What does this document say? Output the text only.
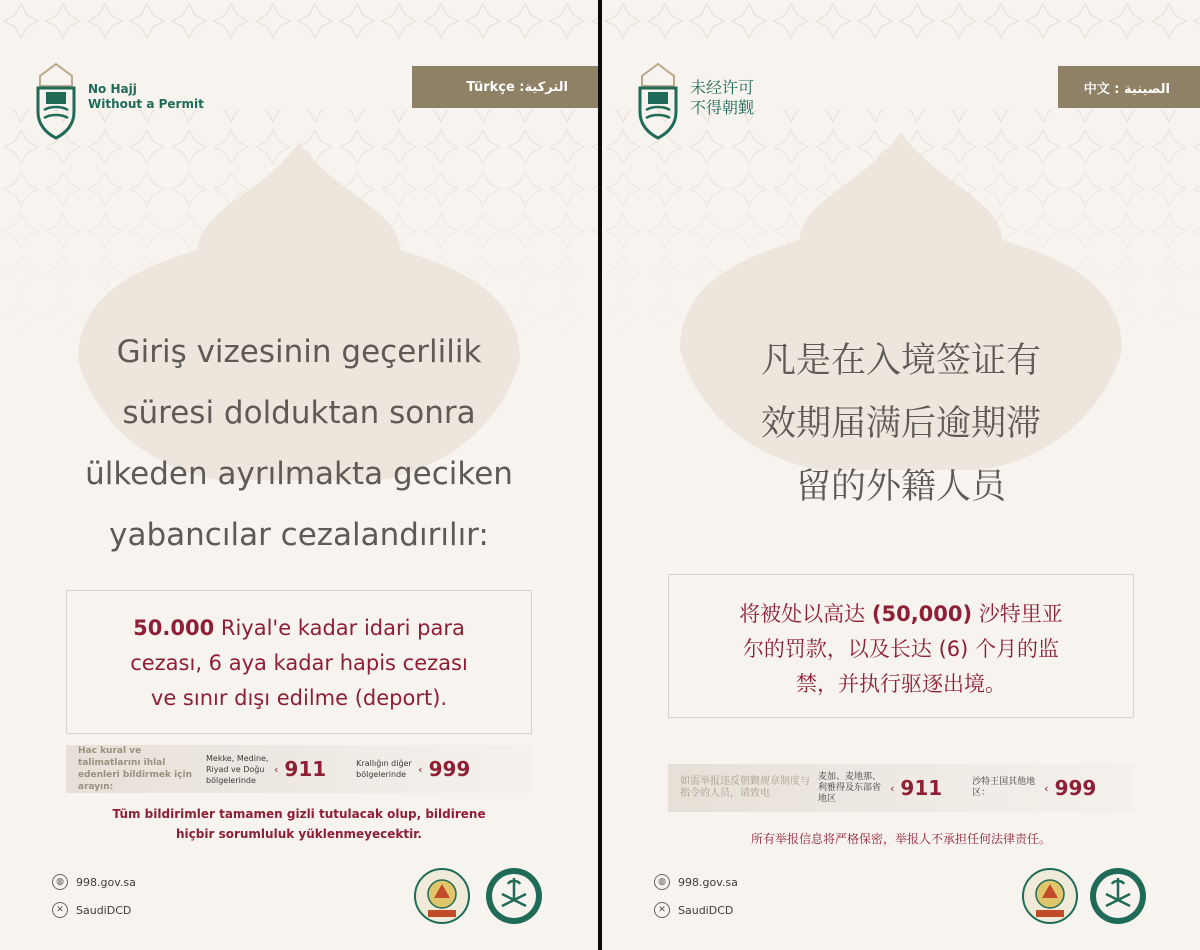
No Hajj
Without a Permit
Türkçe :التركية
Giriş vizesinin geçerlilik
süresi dolduktan sonra
ülkeden ayrılmakta geciken
yabancılar cezalandırılır:
50.000 Riyal'e kadar idari para
cezası, 6 aya kadar hapis cezası
ve sınır dışı edilme (deport).
Hac kural ve talimatlarını ihlal edenleri bildirmek için arayın:
Mekke, Medine, Riyad ve Doğu bölgelerinde
‹ 911	Krallığın diğer bölgelerinde	‹ 999
Tüm bildirimler tamamen gizli tutulacak olup, bildirene
hiçbir sorumluluk yüklenmeyecektir.
◍	998.gov.sa
✕	SaudiDCD
未经许可
不得朝觐
中文 : الصينية
凡是在入境签证有
效期届满后逾期滞
留的外籍人员
将被处以高达 (50,000) 沙特里亚
尔的罚款，以及长达 (6) 个月的监
禁，并执行驱逐出境。
如需举报违反朝觐规章制度与指令的人员，请致电
麦加、麦地那、利雅得及东部省地区
‹ 911	沙特王国其他地区：	‹ 999
所有举报信息将严格保密，举报人不承担任何法律责任。
◍	998.gov.sa
✕	SaudiDCD
